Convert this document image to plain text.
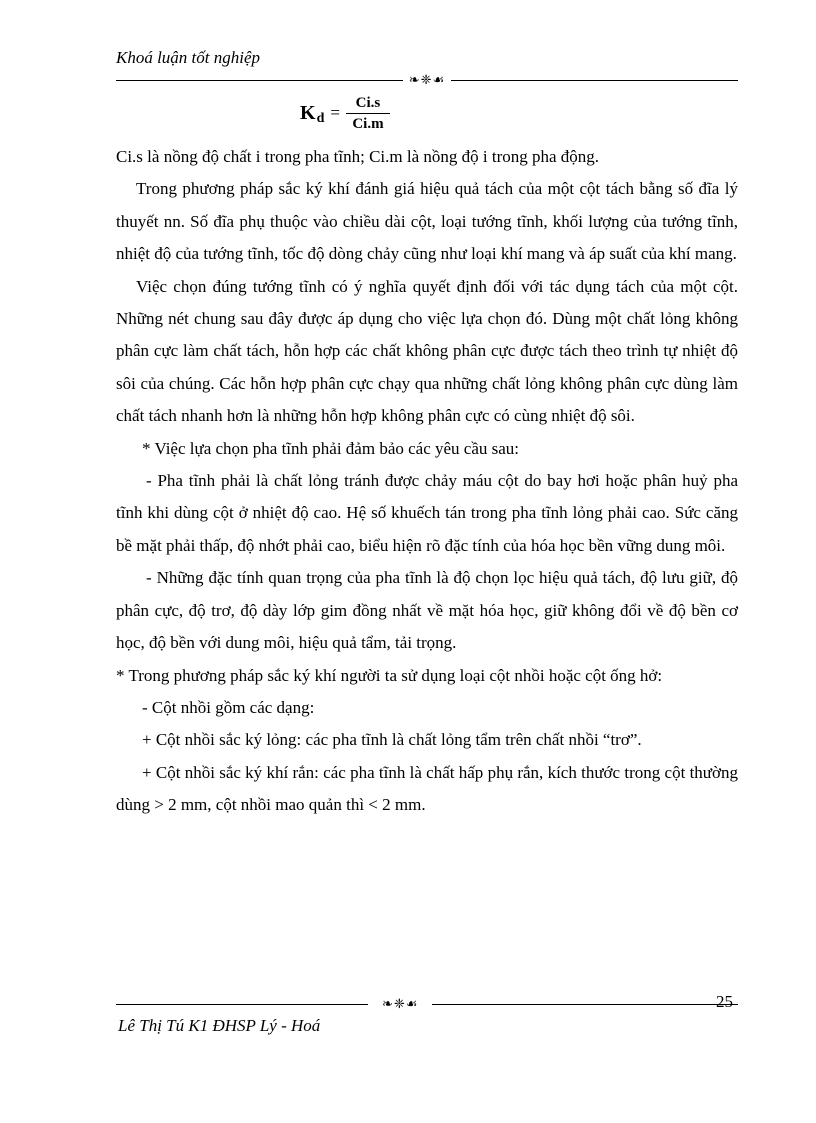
Khoá luận tốt nghiệp
❧❈☙
K $d = \frac{Ci.s}{Ci.m}$

Ci.s là nồng độ chất i trong pha tĩnh; Ci.m là nồng độ i trong pha động.

Trong phương pháp sắc ký khí đánh giá hiệu quả tách của một cột tách bằng số đĩa lý thuyết nn. Số đĩa phụ thuộc vào chiều dài cột, loại tướng tĩnh, khối lượng của tướng tĩnh, nhiệt độ của tướng tĩnh, tốc độ dòng chảy cũng như loại khí mang và áp suất của khí mang.

Việc chọn đúng tướng tĩnh có ý nghĩa quyết định đối với tác dụng tách của một cột. Những nét chung sau đây được áp dụng cho việc lựa chọn đó. Dùng một chất lỏng không phân cực làm chất tách, hỗn hợp các chất không phân cực được tách theo trình tự nhiệt độ sôi của chúng. Các hỗn hợp phân cực chạy qua những chất lỏng không phân cực dùng làm chất tách nhanh hơn là những hỗn hợp không phân cực có cùng nhiệt độ sôi.

* Việc lựa chọn pha tĩnh phải đảm bảo các yêu cầu sau:

- Pha tĩnh phải là chất lỏng tránh được chảy máu cột do bay hơi hoặc phân huỷ pha tĩnh khi dùng cột ở nhiệt độ cao. Hệ số khuếch tán trong pha tĩnh lỏng phải cao. Sức căng bề mặt phải thấp, độ nhớt phải cao, biểu hiện rõ đặc tính của hóa học bền vững dung môi.

- Những đặc tính quan trọng của pha tĩnh là độ chọn lọc hiệu quả tách, độ lưu giữ, độ phân cực, độ trơ, độ dày lớp gim đồng nhất về mặt hóa học, giữ không đổi về độ bền cơ học, độ bền với dung môi, hiệu quả tẩm, tải trọng.

* Trong phương pháp sắc ký khí người ta sử dụng loại cột nhồi hoặc cột ống hở:

- Cột nhồi gồm các dạng:

+ Cột nhồi sắc ký lỏng: các pha tĩnh là chất lỏng tẩm trên chất nhồi “trơ”.

+ Cột nhồi sắc ký khí rắn: các pha tĩnh là chất hấp phụ rắn, kích thước trong cột thường dùng > 2 mm, cột nhồi mao quản thì < 2 mm.

❧❈☙	25
Lê Thị Tú K1 ĐHSP Lý - Hoá
